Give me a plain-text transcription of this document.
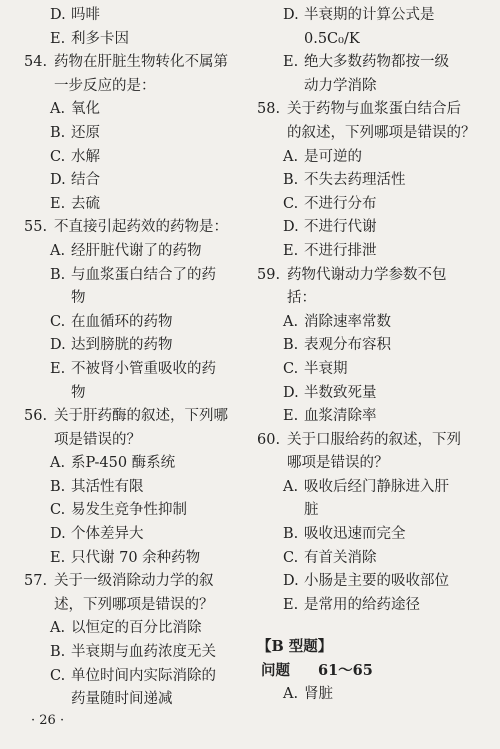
D. 吗啡
E. 利多卡因
54. 药物在肝脏生物转化不属第
一步反应的是：
A. 氧化
B. 还原
C. 水解
D. 结合
E. 去硫
55. 不直接引起药效的药物是：
A. 经肝脏代谢了的药物
B. 与血浆蛋白结合了的药
物
C. 在血循环的药物
D. 达到膀胱的药物
E. 不被肾小管重吸收的药
物
56. 关于肝药酶的叙述，下列哪
项是错误的？
A. 系P-450 酶系统
B. 其活性有限
C. 易发生竞争性抑制
D. 个体差异大
E. 只代谢 70 余种药物
57. 关于一级消除动力学的叙
述，下列哪项是错误的？
A. 以恒定的百分比消除
B. 半衰期与血药浓度无关
C. 单位时间内实际消除的
药量随时间递减
D. 半衰期的计算公式是
0.5C₀/K
E. 绝大多数药物都按一级
动力学消除
58. 关于药物与血浆蛋白结合后
的叙述，下列哪项是错误的？
A. 是可逆的
B. 不失去药理活性
C. 不进行分布
D. 不进行代谢
E. 不进行排泄
59. 药物代谢动力学参数不包
括：
A. 消除速率常数
B. 表观分布容积
C. 半衰期
D. 半数致死量
E. 血浆清除率
60. 关于口服给药的叙述，下列
哪项是错误的？
A. 吸收后经门静脉进入肝
脏
B. 吸收迅速而完全
C. 有首关消除
D. 小肠是主要的吸收部位
E. 是常用的给药途径
【B 型题】
问题 61～65
A. 肾脏
· 26 ·
